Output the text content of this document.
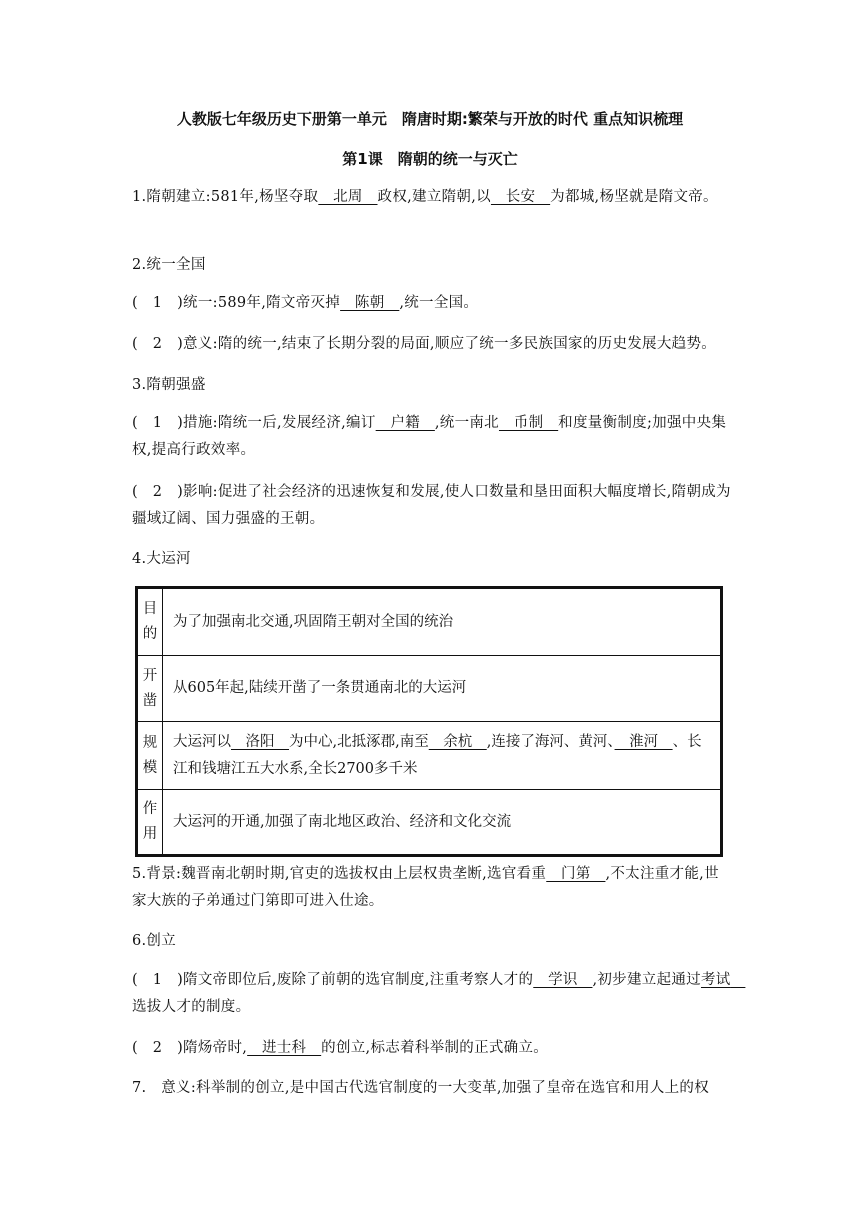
人教版七年级历史下册第一单元　隋唐时期:繁荣与开放的时代 重点知识梳理
第1课　隋朝的统一与灭亡
1.隋朝建立:581年,杨坚夺取　北周　政权,建立隋朝,以　长安　为都城,杨坚就是隋文帝。
2.统一全国
(　1　)统一:589年,隋文帝灭掉　陈朝　,统一全国。
(　2　)意义:隋的统一,结束了长期分裂的局面,顺应了统一多民族国家的历史发展大趋势。
3.隋朝强盛
(　1　)措施:隋统一后,发展经济,编订　户籍　,统一南北　币制　和度量衡制度;加强中央集权,提高行政效率。
(　2　)影响:促进了社会经济的迅速恢复和发展,使人口数量和垦田面积大幅度增长,隋朝成为疆域辽阔、国力强盛的王朝。
4.大运河
目的	为了加强南北交通,巩固隋王朝对全国的统治
开凿	从605年起,陆续开凿了一条贯通南北的大运河
规模	大运河以　洛阳　为中心,北抵涿郡,南至　余杭　,连接了海河、黄河、　淮河　、长江和钱塘江五大水系,全长2700多千米
作用	大运河的开通,加强了南北地区政治、经济和文化交流
5.背景:魏晋南北朝时期,官吏的选拔权由上层权贵垄断,选官看重　门第　,不太注重才能,世家大族的子弟通过门第即可进入仕途。
6.创立
(　1　)隋文帝即位后,废除了前朝的选官制度,注重考察人才的　学识　,初步建立起通过考试　选拔人才的制度。
(　2　)隋炀帝时,　进士科　的创立,标志着科举制的正式确立。
7.　意义:科举制的创立,是中国古代选官制度的一大变革,加强了皇帝在选官和用人上的权
